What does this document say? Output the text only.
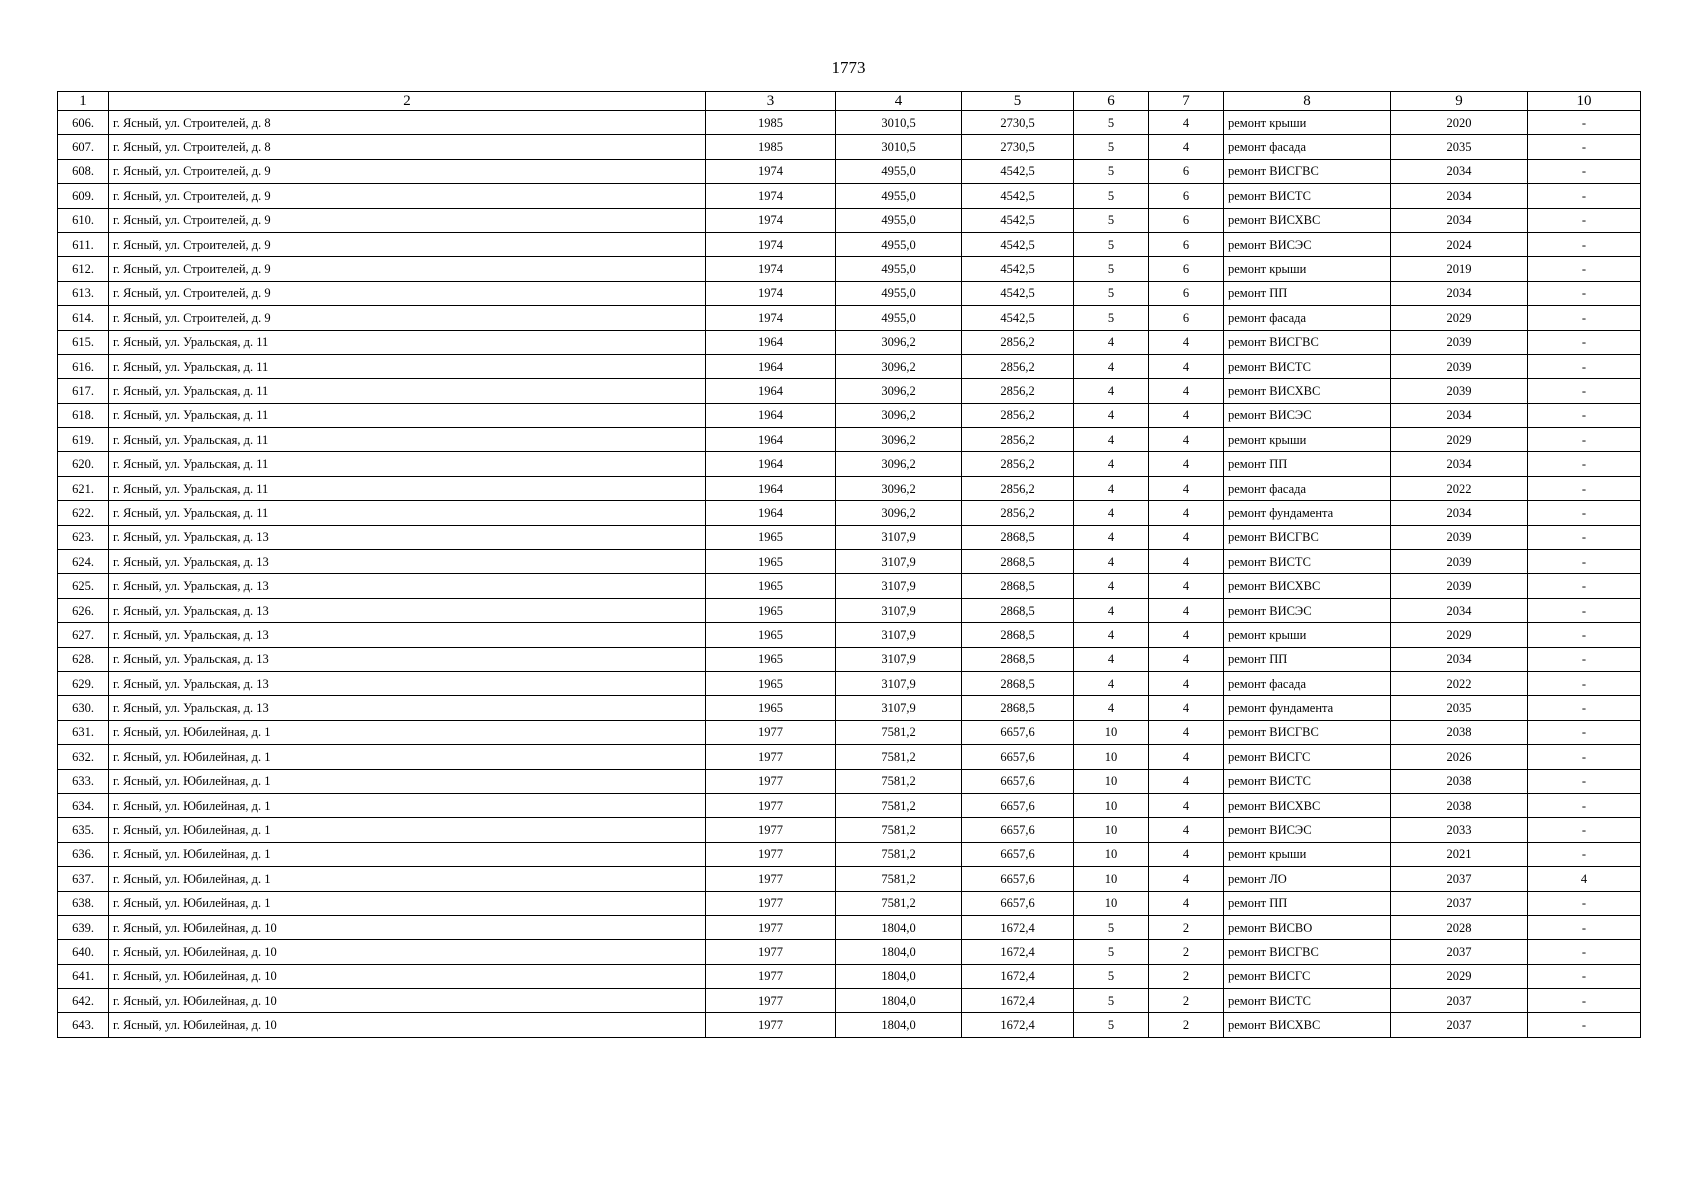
1773
1	2	3	4	5	6	7	8	9	10
606.	г. Ясный, ул. Строителей, д. 8	1985	3010,5	2730,5	5	4	ремонт крыши	2020	-
607.	г. Ясный, ул. Строителей, д. 8	1985	3010,5	2730,5	5	4	ремонт фасада	2035	-
608.	г. Ясный, ул. Строителей, д. 9	1974	4955,0	4542,5	5	6	ремонт ВИСГВС	2034	-
609.	г. Ясный, ул. Строителей, д. 9	1974	4955,0	4542,5	5	6	ремонт ВИСТС	2034	-
610.	г. Ясный, ул. Строителей, д. 9	1974	4955,0	4542,5	5	6	ремонт ВИСХВС	2034	-
611.	г. Ясный, ул. Строителей, д. 9	1974	4955,0	4542,5	5	6	ремонт ВИСЭС	2024	-
612.	г. Ясный, ул. Строителей, д. 9	1974	4955,0	4542,5	5	6	ремонт крыши	2019	-
613.	г. Ясный, ул. Строителей, д. 9	1974	4955,0	4542,5	5	6	ремонт ПП	2034	-
614.	г. Ясный, ул. Строителей, д. 9	1974	4955,0	4542,5	5	6	ремонт фасада	2029	-
615.	г. Ясный, ул. Уральская, д. 11	1964	3096,2	2856,2	4	4	ремонт ВИСГВС	2039	-
616.	г. Ясный, ул. Уральская, д. 11	1964	3096,2	2856,2	4	4	ремонт ВИСТС	2039	-
617.	г. Ясный, ул. Уральская, д. 11	1964	3096,2	2856,2	4	4	ремонт ВИСХВС	2039	-
618.	г. Ясный, ул. Уральская, д. 11	1964	3096,2	2856,2	4	4	ремонт ВИСЭС	2034	-
619.	г. Ясный, ул. Уральская, д. 11	1964	3096,2	2856,2	4	4	ремонт крыши	2029	-
620.	г. Ясный, ул. Уральская, д. 11	1964	3096,2	2856,2	4	4	ремонт ПП	2034	-
621.	г. Ясный, ул. Уральская, д. 11	1964	3096,2	2856,2	4	4	ремонт фасада	2022	-
622.	г. Ясный, ул. Уральская, д. 11	1964	3096,2	2856,2	4	4	ремонт фундамента	2034	-
623.	г. Ясный, ул. Уральская, д. 13	1965	3107,9	2868,5	4	4	ремонт ВИСГВС	2039	-
624.	г. Ясный, ул. Уральская, д. 13	1965	3107,9	2868,5	4	4	ремонт ВИСТС	2039	-
625.	г. Ясный, ул. Уральская, д. 13	1965	3107,9	2868,5	4	4	ремонт ВИСХВС	2039	-
626.	г. Ясный, ул. Уральская, д. 13	1965	3107,9	2868,5	4	4	ремонт ВИСЭС	2034	-
627.	г. Ясный, ул. Уральская, д. 13	1965	3107,9	2868,5	4	4	ремонт крыши	2029	-
628.	г. Ясный, ул. Уральская, д. 13	1965	3107,9	2868,5	4	4	ремонт ПП	2034	-
629.	г. Ясный, ул. Уральская, д. 13	1965	3107,9	2868,5	4	4	ремонт фасада	2022	-
630.	г. Ясный, ул. Уральская, д. 13	1965	3107,9	2868,5	4	4	ремонт фундамента	2035	-
631.	г. Ясный, ул. Юбилейная, д. 1	1977	7581,2	6657,6	10	4	ремонт ВИСГВС	2038	-
632.	г. Ясный, ул. Юбилейная, д. 1	1977	7581,2	6657,6	10	4	ремонт ВИСГС	2026	-
633.	г. Ясный, ул. Юбилейная, д. 1	1977	7581,2	6657,6	10	4	ремонт ВИСТС	2038	-
634.	г. Ясный, ул. Юбилейная, д. 1	1977	7581,2	6657,6	10	4	ремонт ВИСХВС	2038	-
635.	г. Ясный, ул. Юбилейная, д. 1	1977	7581,2	6657,6	10	4	ремонт ВИСЭС	2033	-
636.	г. Ясный, ул. Юбилейная, д. 1	1977	7581,2	6657,6	10	4	ремонт крыши	2021	-
637.	г. Ясный, ул. Юбилейная, д. 1	1977	7581,2	6657,6	10	4	ремонт ЛО	2037	4
638.	г. Ясный, ул. Юбилейная, д. 1	1977	7581,2	6657,6	10	4	ремонт ПП	2037	-
639.	г. Ясный, ул. Юбилейная, д. 10	1977	1804,0	1672,4	5	2	ремонт ВИСВО	2028	-
640.	г. Ясный, ул. Юбилейная, д. 10	1977	1804,0	1672,4	5	2	ремонт ВИСГВС	2037	-
641.	г. Ясный, ул. Юбилейная, д. 10	1977	1804,0	1672,4	5	2	ремонт ВИСГС	2029	-
642.	г. Ясный, ул. Юбилейная, д. 10	1977	1804,0	1672,4	5	2	ремонт ВИСТС	2037	-
643.	г. Ясный, ул. Юбилейная, д. 10	1977	1804,0	1672,4	5	2	ремонт ВИСХВС	2037	-
